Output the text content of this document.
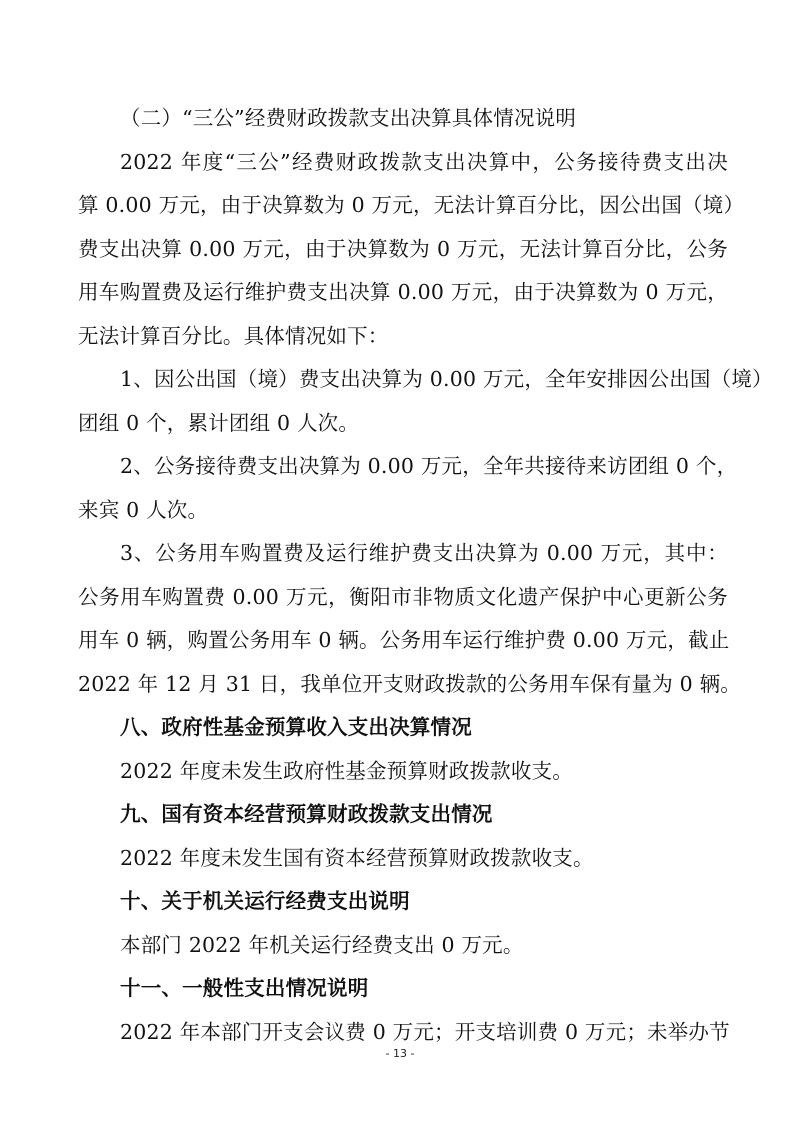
（二）“三公”经费财政拨款支出决算具体情况说明
2022 年度“三公”经费财政拨款支出决算中，公务接待费支出决
算 0.00 万元，由于决算数为 0 万元，无法计算百分比，因公出国（境）
费支出决算 0.00 万元，由于决算数为 0 万元，无法计算百分比，公务
用车购置费及运行维护费支出决算 0.00 万元，由于决算数为 0 万元，
无法计算百分比。具体情况如下：
1、因公出国（境）费支出决算为 0.00 万元，全年安排因公出国（境）
团组 0 个，累计团组 0 人次。
2、公务接待费支出决算为 0.00 万元，全年共接待来访团组 0 个，
来宾 0 人次。
3、公务用车购置费及运行维护费支出决算为 0.00 万元，其中：
公务用车购置费 0.00 万元，衡阳市非物质文化遗产保护中心更新公务
用车 0 辆，购置公务用车 0 辆。公务用车运行维护费 0.00 万元，截止
2022 年 12 月 31 日，我单位开支财政拨款的公务用车保有量为 0 辆。
八、政府性基金预算收入支出决算情况
2022 年度未发生政府性基金预算财政拨款收支。
九、国有资本经营预算财政拨款支出情况
2022 年度未发生国有资本经营预算财政拨款收支。
十、关于机关运行经费支出说明
本部门 2022 年机关运行经费支出 0 万元。
十一、一般性支出情况说明
2022 年本部门开支会议费 0 万元；开支培训费 0 万元；未举办节
- 13 -
